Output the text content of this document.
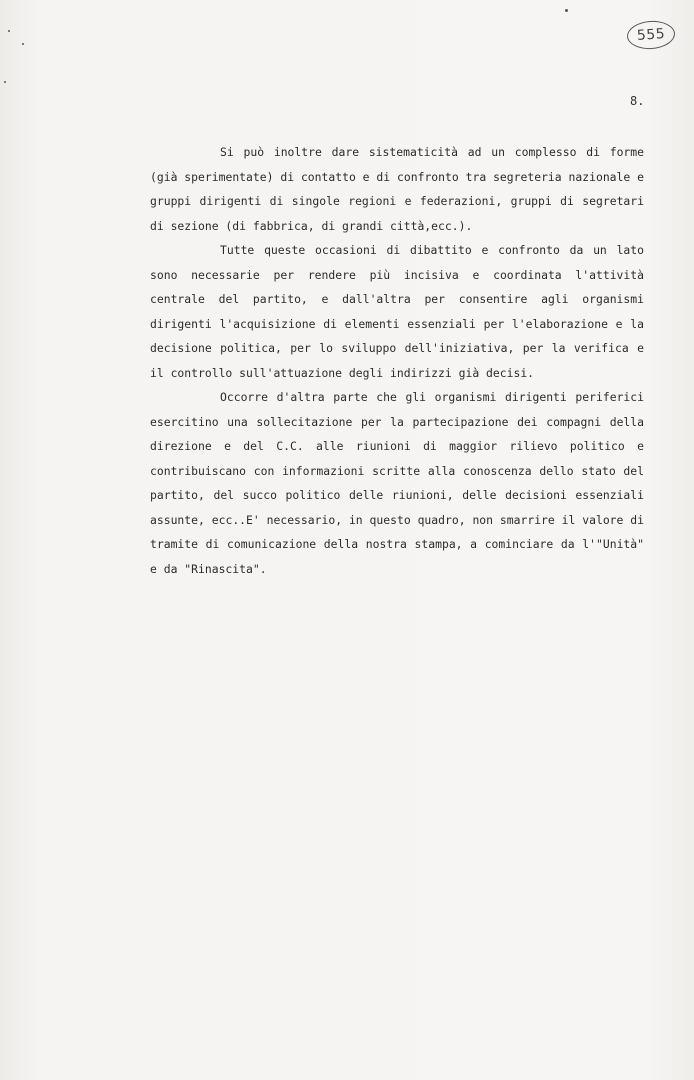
555
8.

Si può inoltre dare sistematicità ad un complesso di forme (già sperimentate) di contatto e di confronto tra segreteria nazionale e gruppi dirigenti di singole regioni e federazioni, gruppi di segretari di sezione (di fabbrica, di grandi città,ecc.).

Tutte queste occasioni di dibattito e confronto da un lato sono necessarie per rendere più incisiva e coordinata l'attività centrale del partito, e dall'altra per consentire agli organismi dirigenti l'acquisizione di elementi essenziali per l'elaborazione e la decisione politica, per lo sviluppo dell'iniziativa, per la verifica e il controllo sull'attuazione degli indirizzi già decisi.

Occorre d'altra parte che gli organismi dirigenti periferici esercitino una sollecitazione per la partecipazione dei compagni della direzione e del C.C. alle riunioni di maggior rilievo politico e contribuiscano con informazioni scritte alla conoscenza dello stato del partito, del succo politico delle riunioni, delle decisioni essenziali assunte, ecc..E' necessario, in questo quadro, non smarrire il valore di tramite di comunicazione della nostra stampa, a cominciare da l'"Unità" e da "Rinascita".
